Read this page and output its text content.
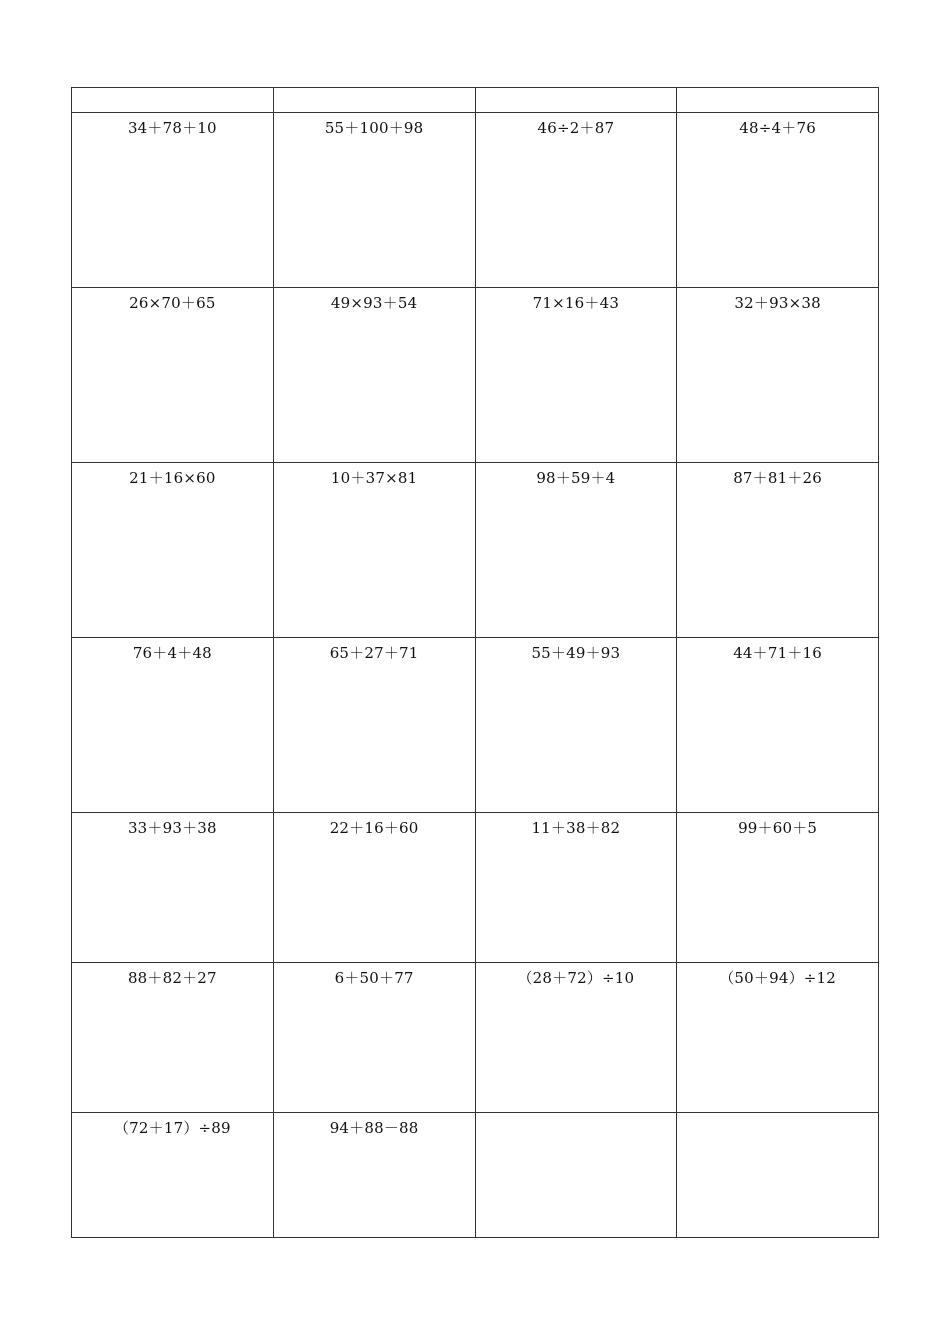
34＋78＋10	55＋100＋98	46÷2＋87	48÷4＋76

26×70＋65	49×93＋54	71×16＋43	32＋93×38

21＋16×60	10＋37×81	98＋59＋4	87＋81＋26

76＋4＋48	65＋27＋71	55＋49＋93	44＋71＋16

33＋93＋38	22＋16＋60	11＋38＋82	99＋60＋5

88＋82＋27	6＋50＋77	（28＋72）÷10	（50＋94）÷12

（72＋17）÷89	94＋88－88		
